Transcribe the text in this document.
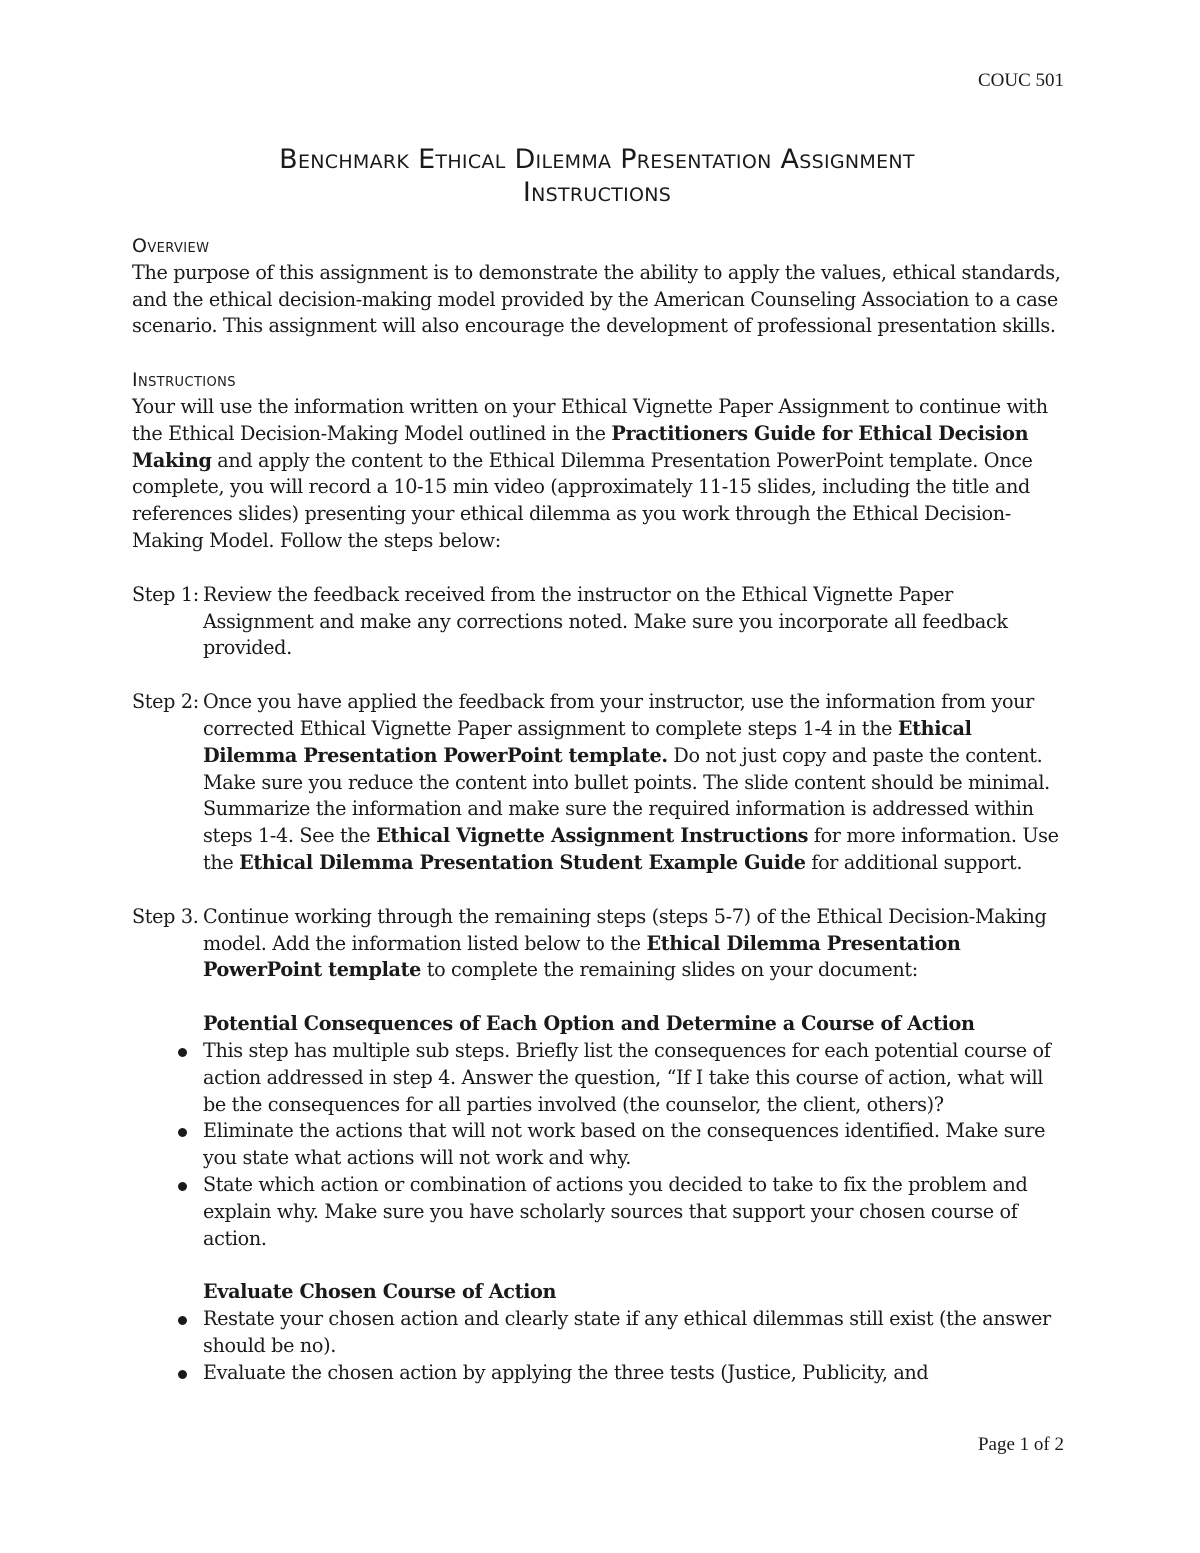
COUC 501
Benchmark Ethical Dilemma Presentation Assignment
Instructions
Overview

The purpose of this assignment is to demonstrate the ability to apply the values, ethical standards, and the ethical decision-making model provided by the American Counseling Association to a case scenario. This assignment will also encourage the development of professional presentation skills.

Instructions

Your will use the information written on your Ethical Vignette Paper Assignment to continue with the Ethical Decision-Making Model outlined in the Practitioners Guide for Ethical Decision Making and apply the content to the Ethical Dilemma Presentation PowerPoint template. Once complete, you will record a 10-15 min video (approximately 11-15 slides, including the title and references slides) presenting your ethical dilemma as you work through the Ethical Decision-Making Model. Follow the steps below:

Step 1: Review the feedback received from the instructor on the Ethical Vignette Paper Assignment and make any corrections noted. Make sure you incorporate all feedback provided.
Step 2: Once you have applied the feedback from your instructor, use the information from your corrected Ethical Vignette Paper assignment to complete steps 1-4 in the Ethical Dilemma Presentation PowerPoint template. Do not just copy and paste the content. Make sure you reduce the content into bullet points. The slide content should be minimal. Summarize the information and make sure the required information is addressed within steps 1-4. See the Ethical Vignette Assignment Instructions for more information. Use the Ethical Dilemma Presentation Student Example Guide for additional support.
Step 3. Continue working through the remaining steps (steps 5-7) of the Ethical Decision-Making model. Add the information listed below to the Ethical Dilemma Presentation PowerPoint template to complete the remaining slides on your document:
Potential Consequences of Each Option and Determine a Course of Action
This step has multiple sub steps. Briefly list the consequences for each potential course of action addressed in step 4. Answer the question, “If I take this course of action, what will be the consequences for all parties involved (the counselor, the client, others)?
Eliminate the actions that will not work based on the consequences identified. Make sure you state what actions will not work and why.
State which action or combination of actions you decided to take to fix the problem and explain why. Make sure you have scholarly sources that support your chosen course of action.
Evaluate Chosen Course of Action
Restate your chosen action and clearly state if any ethical dilemmas still exist (the answer should be no).
Evaluate the chosen action by applying the three tests (Justice, Publicity, and
Page 1 of 2
